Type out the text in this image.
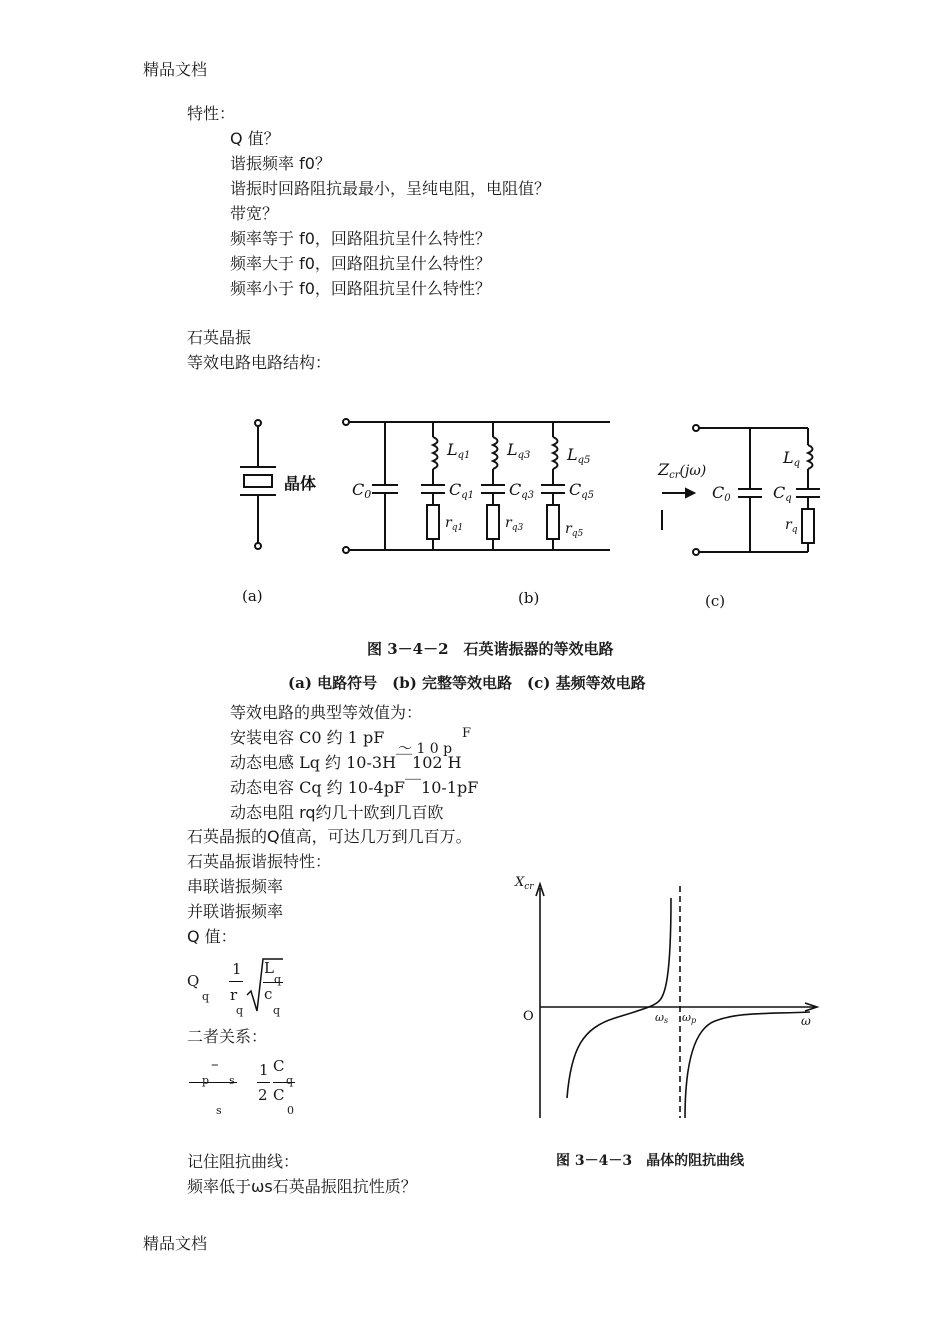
精品文档
特性：
Q 值？
谐振频率 f0？
谐振时回路阻抗最最小，呈纯电阻，电阻值？
带宽？
频率等于 f0，回路阻抗呈什么特性？
频率大于 f0，回路阻抗呈什么特性？
频率小于 f0，回路阻抗呈什么特性？
石英晶振
等效电路电路结构：
晶体 C0
Lq1 Lq3 Lq5
Cq1 Cq3 Cq5
$r_{q1}$	$r_{q3}$	$r_{q5}$
Zcr(jω)
C0
Lq
Cq
$r_q$
(a)	(b)	(c)
图 3－4－2　石英谐振器的等效电路
(a) 电路符号　(b) 完整等效电路　(c) 基频等效电路
等效电路的典型等效值为：
安装电容 C0 约 1 pF
～ 1 0 p
F
动态电感 Lq 约 10-3H￣102 H
动态电容 Cq 约 10-4pF￣10-1pF
动态电阻 rq约几十欧到几百欧
石英晶振的Q值高，可达几万到几百万。
石英晶振谐振特性：
串联谐振频率
并联谐振频率
Q 值：
Q
q
1
r
q
L
q
c
q
二者关系：
–
p s
s
1
2
C
q
C
0
记住阻抗曲线：
频率低于ωs石英晶振阻抗性质？
$X_{cr}$
O	ωs ωp	ω
图 3－4－3　晶体的阻抗曲线
精品文档
